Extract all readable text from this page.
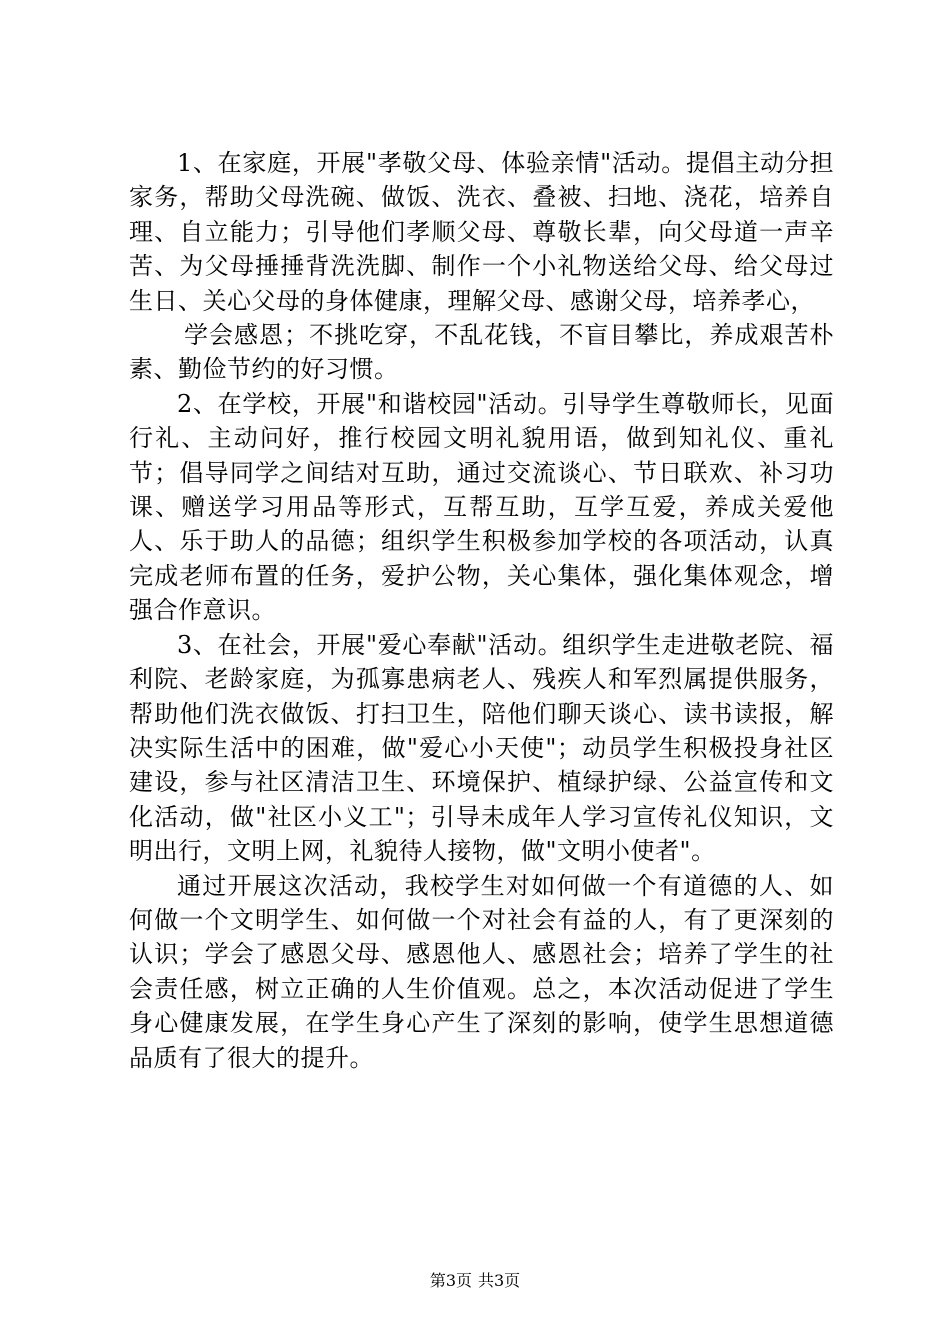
1、在家庭，开展"孝敬父母、体验亲情"活动。提倡主动分担家务，帮助父母洗碗、做饭、洗衣、叠被、扫地、浇花，培养自理、自立能力；引导他们孝顺父母、尊敬长辈，向父母道一声辛苦、为父母捶捶背洗洗脚、制作一个小礼物送给父母、给父母过生日、关心父母的身体健康，理解父母、感谢父母，培养孝心，

学会感恩；不挑吃穿，不乱花钱，不盲目攀比，养成艰苦朴素、勤俭节约的好习惯。

2、在学校，开展"和谐校园"活动。引导学生尊敬师长，见面行礼、主动问好，推行校园文明礼貌用语，做到知礼仪、重礼节；倡导同学之间结对互助，通过交流谈心、节日联欢、补习功课、赠送学习用品等形式，互帮互助，互学互爱，养成关爱他人、乐于助人的品德；组织学生积极参加学校的各项活动，认真完成老师布置的任务，爱护公物，关心集体，强化集体观念，增强合作意识。

3、在社会，开展"爱心奉献"活动。组织学生走进敬老院、福利院、老龄家庭，为孤寡患病老人、残疾人和军烈属提供服务，帮助他们洗衣做饭、打扫卫生，陪他们聊天谈心、读书读报，解决实际生活中的困难，做"爱心小天使"；动员学生积极投身社区建设，参与社区清洁卫生、环境保护、植绿护绿、公益宣传和文化活动，做"社区小义工"；引导未成年人学习宣传礼仪知识，文明出行，文明上网，礼貌待人接物，做"文明小使者"。

通过开展这次活动，我校学生对如何做一个有道德的人、如何做一个文明学生、如何做一个对社会有益的人，有了更深刻的认识；学会了感恩父母、感恩他人、感恩社会；培养了学生的社会责任感，树立正确的人生价值观。总之，本次活动促进了学生身心健康发展，在学生身心产生了深刻的影响，使学生思想道德品质有了很大的提升。

第3页 共3页
